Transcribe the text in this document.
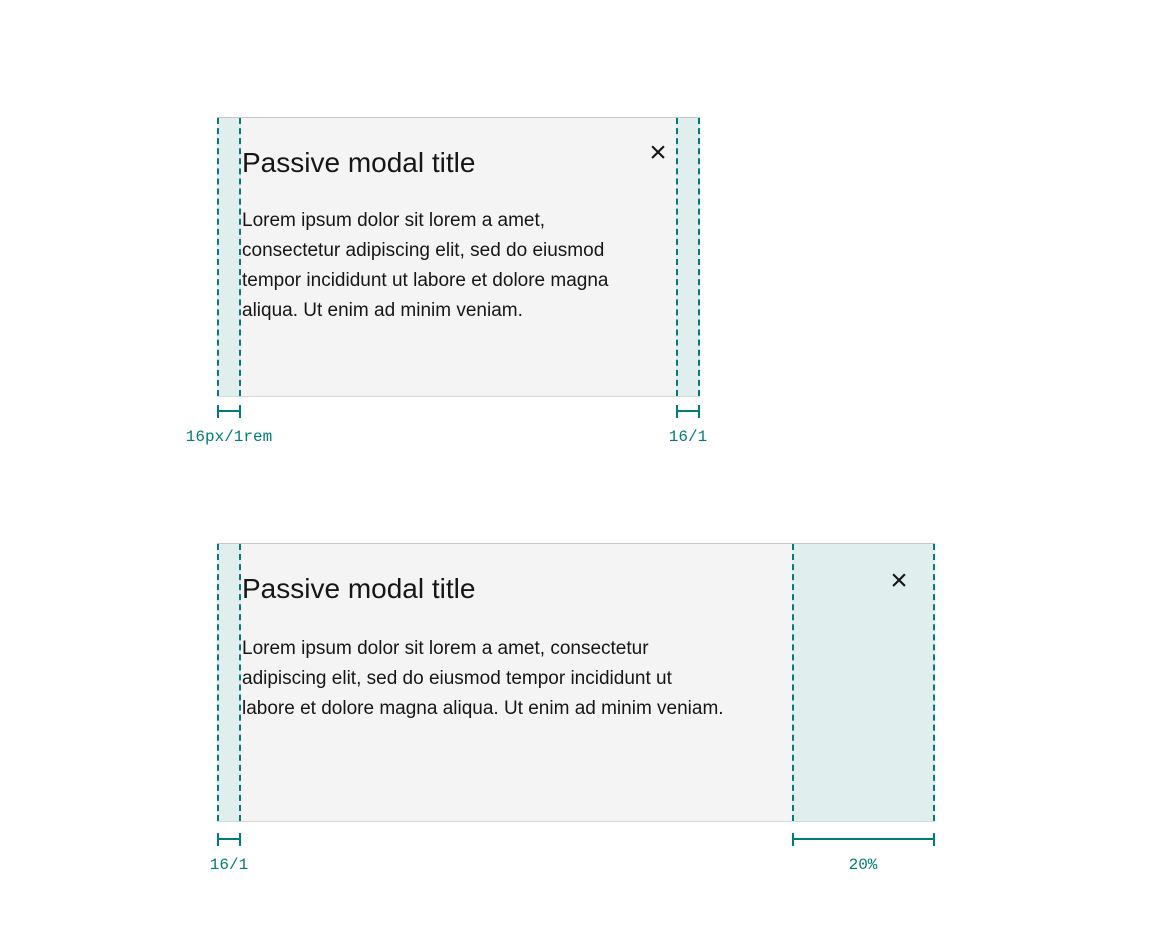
Passive modal title

Lorem ipsum dolor sit lorem a amet,
consectetur adipiscing elit, sed do eiusmod
tempor incididunt ut labore et dolore magna
aliqua. Ut enim ad minim veniam.

×
16px/1rem	16/1
Passive modal title

Lorem ipsum dolor sit lorem a amet, consectetur
adipiscing elit, sed do eiusmod tempor incididunt ut
labore et dolore magna aliqua. Ut enim ad minim veniam.

×
16/1	20%
